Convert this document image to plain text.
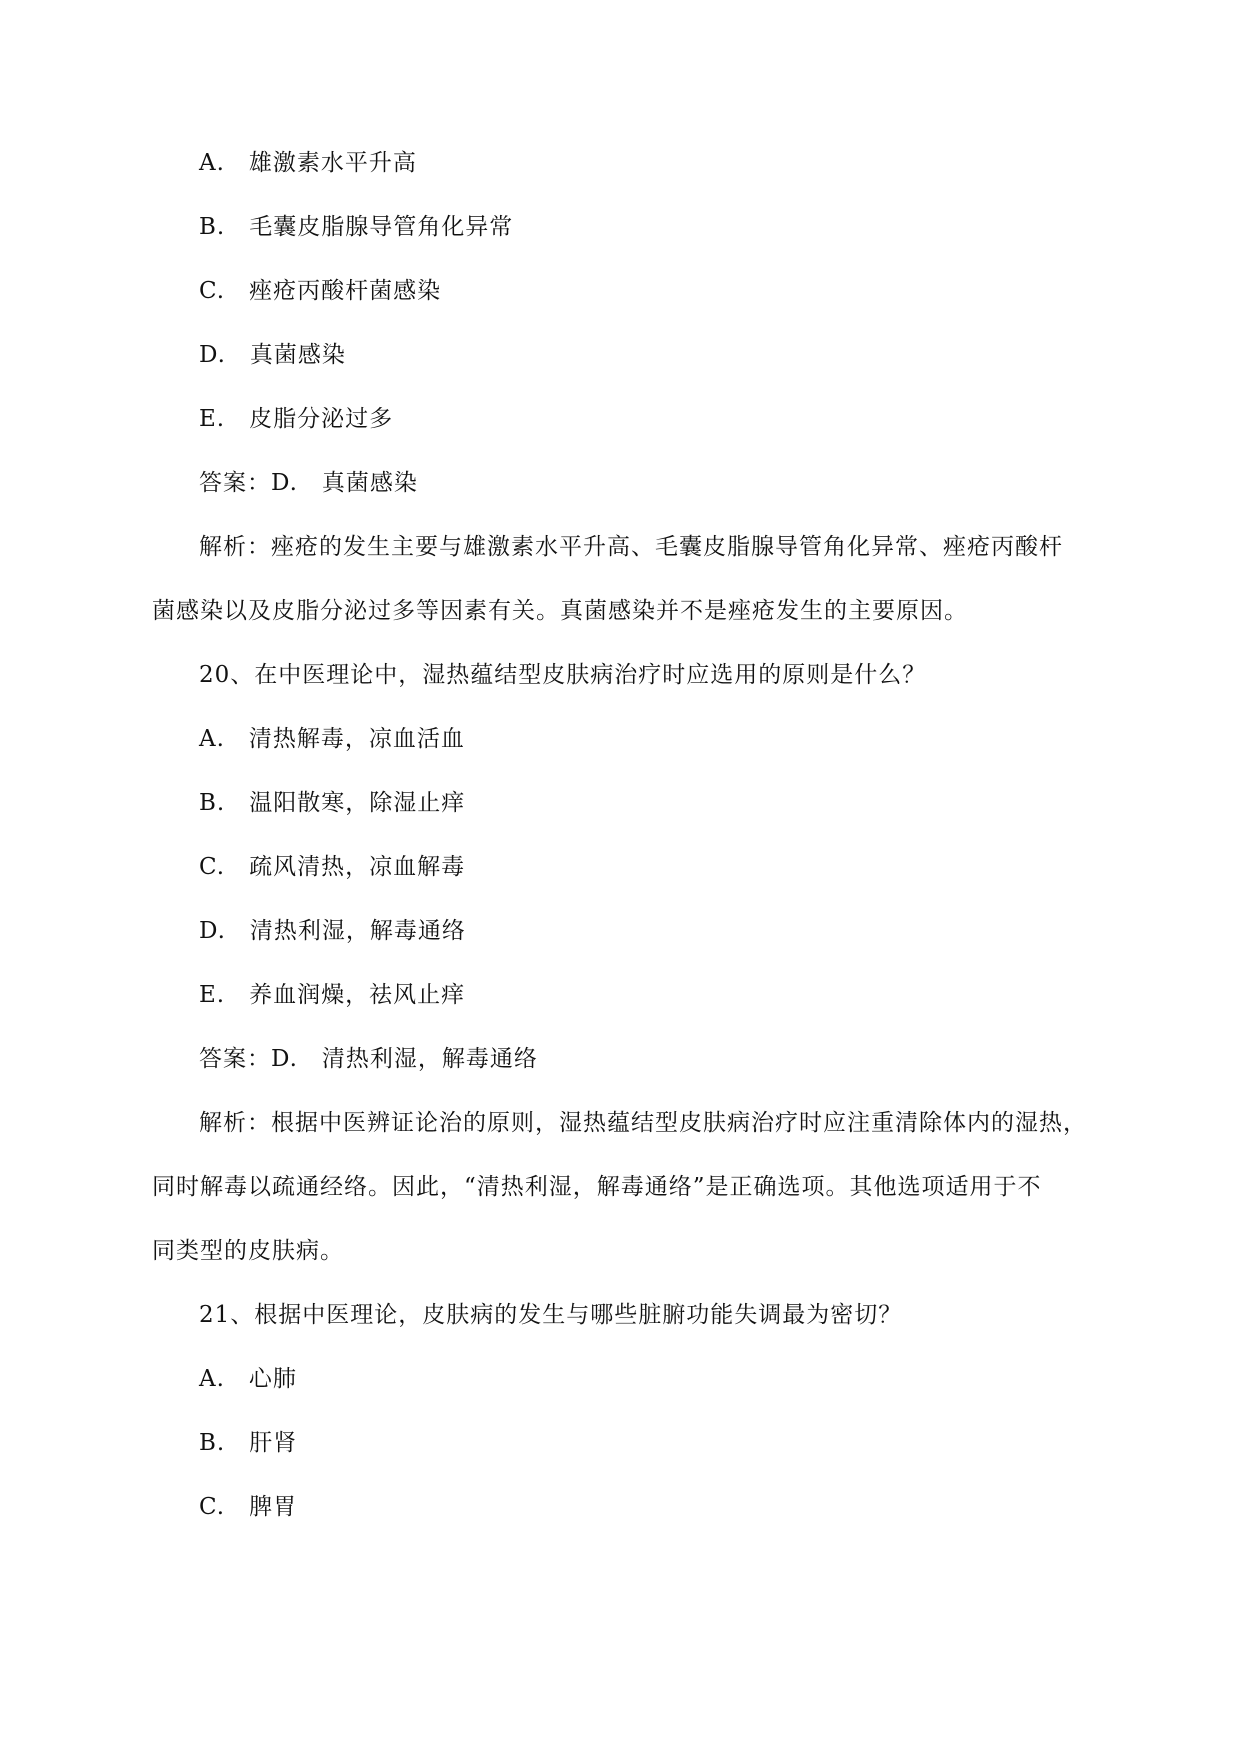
A.　雄激素水平升高
B.　毛囊皮脂腺导管角化异常
C.　痤疮丙酸杆菌感染
D.　真菌感染
E.　皮脂分泌过多
答案：D.　真菌感染
解析：痤疮的发生主要与雄激素水平升高、毛囊皮脂腺导管角化异常、痤疮丙酸杆
菌感染以及皮脂分泌过多等因素有关。真菌感染并不是痤疮发生的主要原因。
20、在中医理论中，湿热蕴结型皮肤病治疗时应选用的原则是什么？
A.　清热解毒，凉血活血
B.　温阳散寒，除湿止痒
C.　疏风清热，凉血解毒
D.　清热利湿，解毒通络
E.　养血润燥，祛风止痒
答案：D.　清热利湿，解毒通络
解析：根据中医辨证论治的原则，湿热蕴结型皮肤病治疗时应注重清除体内的湿热，
同时解毒以疏通经络。因此，“清热利湿，解毒通络”是正确选项。其他选项适用于不
同类型的皮肤病。
21、根据中医理论，皮肤病的发生与哪些脏腑功能失调最为密切？
A.　心肺
B.　肝肾
C.　脾胃
